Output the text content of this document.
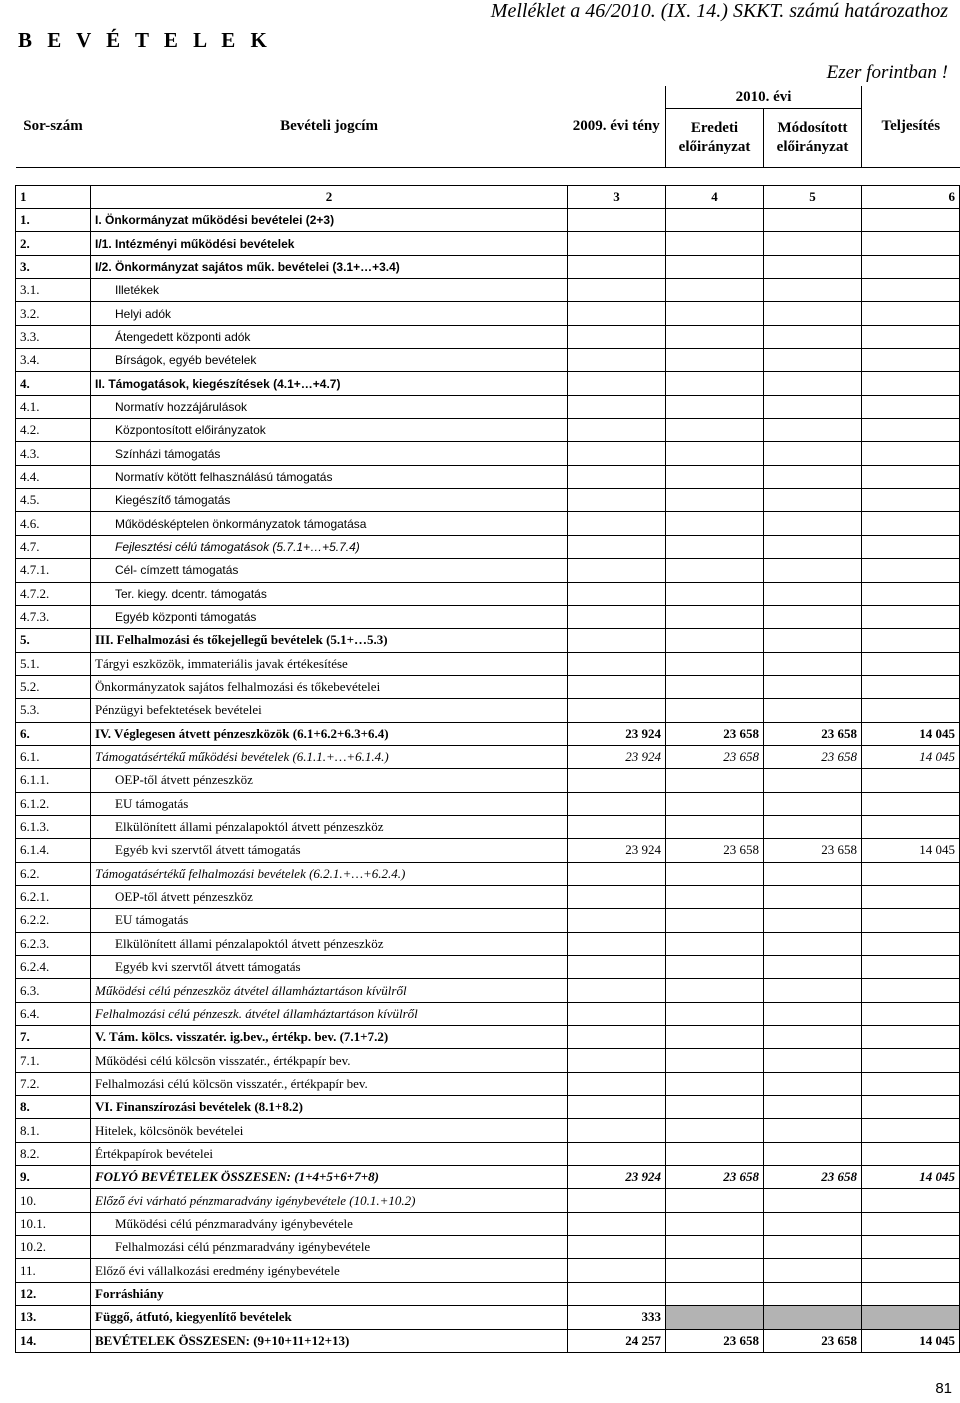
Melléklet a 46/2010. (IX. 14.) SKKT. számú határozathoz
B E V É T E L E K
Ezer forintban !
Sor-szám	Bevételi jogcím	2009. évi tény	2010. évi		Teljesítés
			Eredeti előirányzat	Módosított előirányzat	

1	2	3	4	5	6
1.	I. Önkormányzat működési bevételei (2+3)				
2.	I/1. Intézményi működési bevételek				
3.	I/2. Önkormányzat sajátos műk. bevételei (3.1+…+3.4)				
3.1.	Illetékek				
3.2.	Helyi adók				
3.3.	Átengedett központi adók				
3.4.	Bírságok, egyéb bevételek				
4.	II. Támogatások, kiegészítések (4.1+…+4.7)				
4.1.	Normatív hozzájárulások				
4.2.	Központosított előirányzatok				
4.3.	Színházi támogatás				
4.4.	Normatív kötött felhasználású támogatás				
4.5.	Kiegészítő támogatás				
4.6.	Működésképtelen önkormányzatok támogatása				
4.7.	Fejlesztési célú támogatások (5.7.1+…+5.7.4)				
4.7.1.	Cél- címzett támogatás				
4.7.2.	Ter. kiegy. dcentr. támogatás				
4.7.3.	Egyéb központi támogatás				
5.	III. Felhalmozási és tőkejellegű bevételek (5.1+…5.3)				
5.1.	Tárgyi eszközök, immateriális javak értékesítése				
5.2.	Önkormányzatok sajátos felhalmozási és tőkebevételei				
5.3.	Pénzügyi befektetések bevételei				
6.	IV. Véglegesen átvett pénzeszközök (6.1+6.2+6.3+6.4)	23 924	23 658	23 658	14 045
6.1.	Támogatásértékű működési bevételek (6.1.1.+…+6.1.4.)	23 924	23 658	23 658	14 045
6.1.1.	OEP-től átvett pénzeszköz				
6.1.2.	EU támogatás				
6.1.3.	Elkülönített állami pénzalapoktól átvett pénzeszköz				
6.1.4.	Egyéb kvi szervtől átvett támogatás	23 924	23 658	23 658	14 045
6.2.	Támogatásértékű felhalmozási bevételek (6.2.1.+…+6.2.4.)				
6.2.1.	OEP-től átvett pénzeszköz				
6.2.2.	EU támogatás				
6.2.3.	Elkülönített állami pénzalapoktól átvett pénzeszköz				
6.2.4.	Egyéb kvi szervtől átvett támogatás				
6.3.	Működési célú pénzeszköz átvétel államháztartáson kívülről				
6.4.	Felhalmozási célú pénzeszk. átvétel államháztartáson kívülről				
7.	V. Tám. kölcs. visszatér. ig.bev., értékp. bev. (7.1+7.2)				
7.1.	Működési célú kölcsön visszatér., értékpapír bev.				
7.2.	Felhalmozási célú kölcsön visszatér., értékpapír bev.				
8.	VI. Finanszírozási bevételek (8.1+8.2)				
8.1.	Hitelek, kölcsönök bevételei				
8.2.	Értékpapírok bevételei				
9.	FOLYÓ BEVÉTELEK ÖSSZESEN: (1+4+5+6+7+8)	23 924	23 658	23 658	14 045
10.	Előző évi várható pénzmaradvány igénybevétele (10.1.+10.2)				
10.1.	Működési célú pénzmaradvány igénybevétele				
10.2.	Felhalmozási célú pénzmaradvány igénybevétele				
11.	Előző évi vállalkozási eredmény igénybevétele				
12.	Forráshiány				
13.	Függő, átfutó, kiegyenlítő bevételek	333			
14.	BEVÉTELEK ÖSSZESEN: (9+10+11+12+13)	24 257	23 658	23 658	14 045
81
